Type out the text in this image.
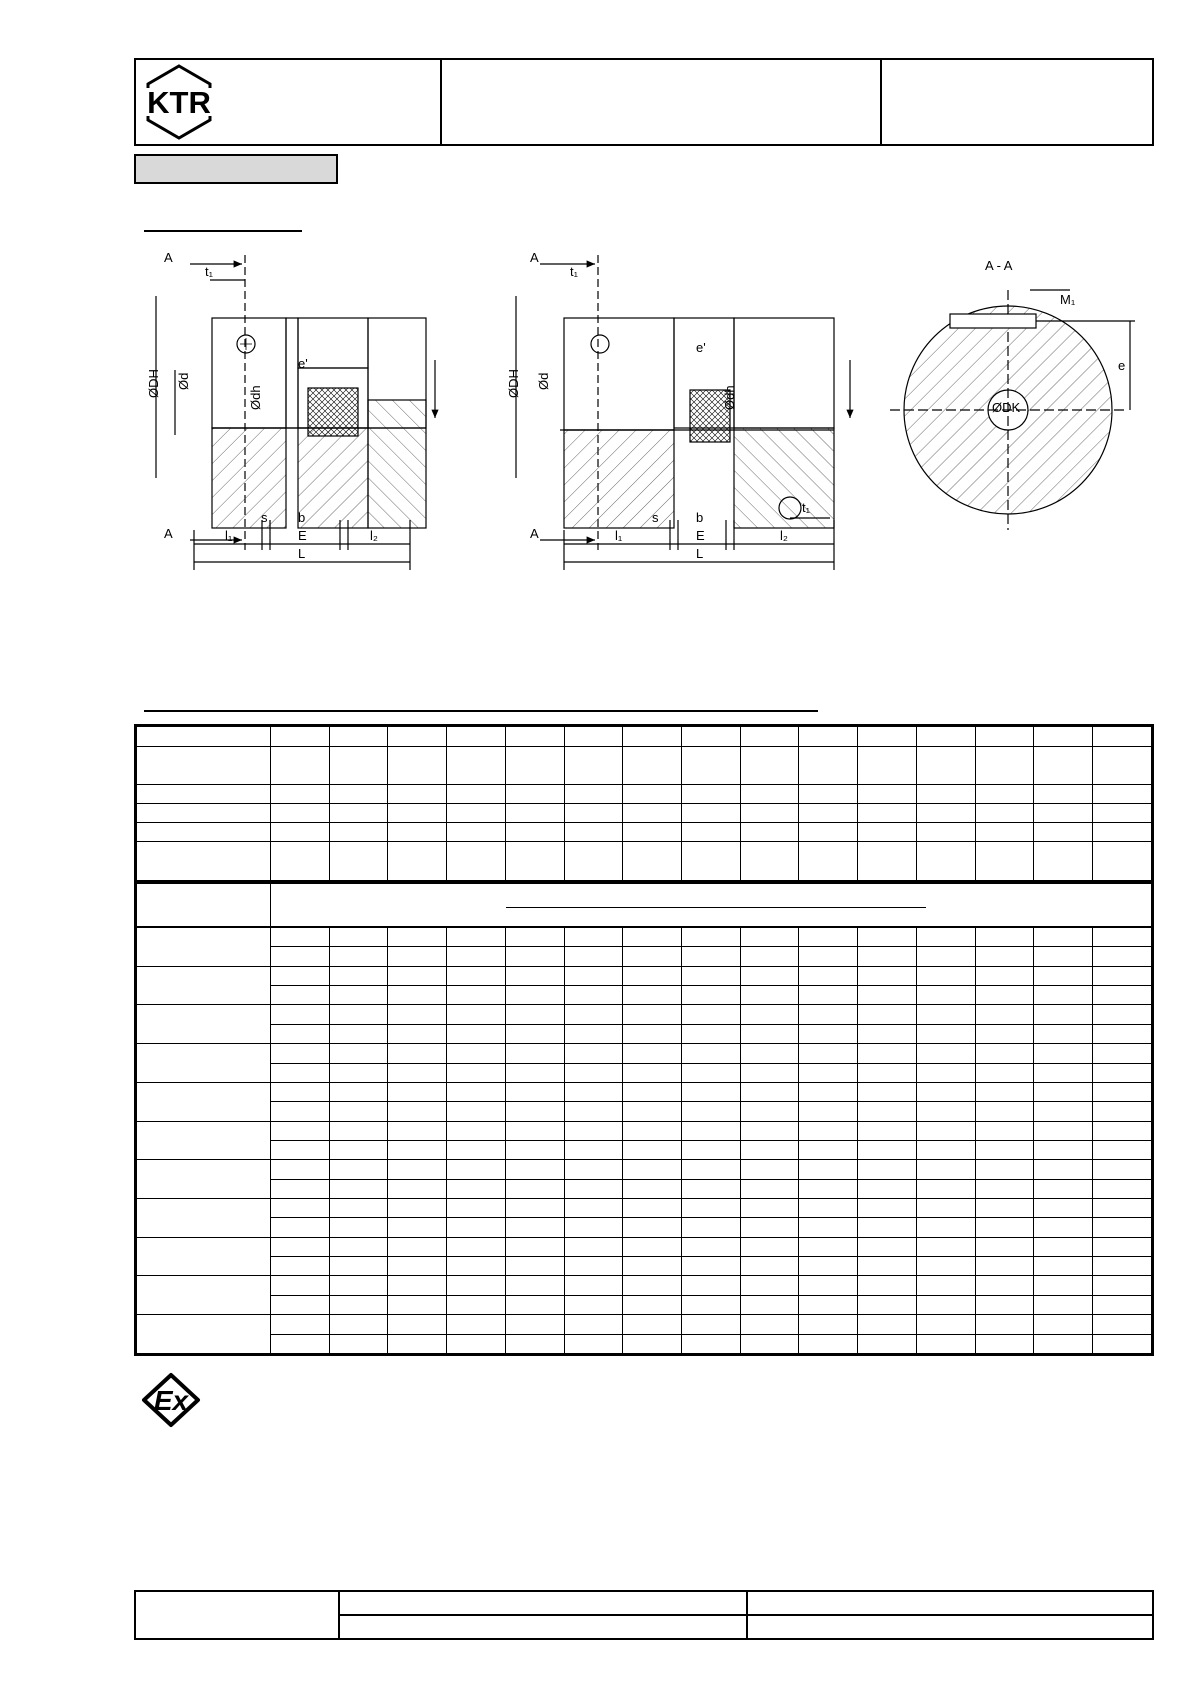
KTR
A
A
t₁
ØDH Ød
Ødh
e'
s b
E
l₁	l₂
L
A
A
t₁
ØDH Ød
Ødh
e'
s	b
E
l₁	l₂
L
t₁
A - A
M₁
ØDK
e

Ex
